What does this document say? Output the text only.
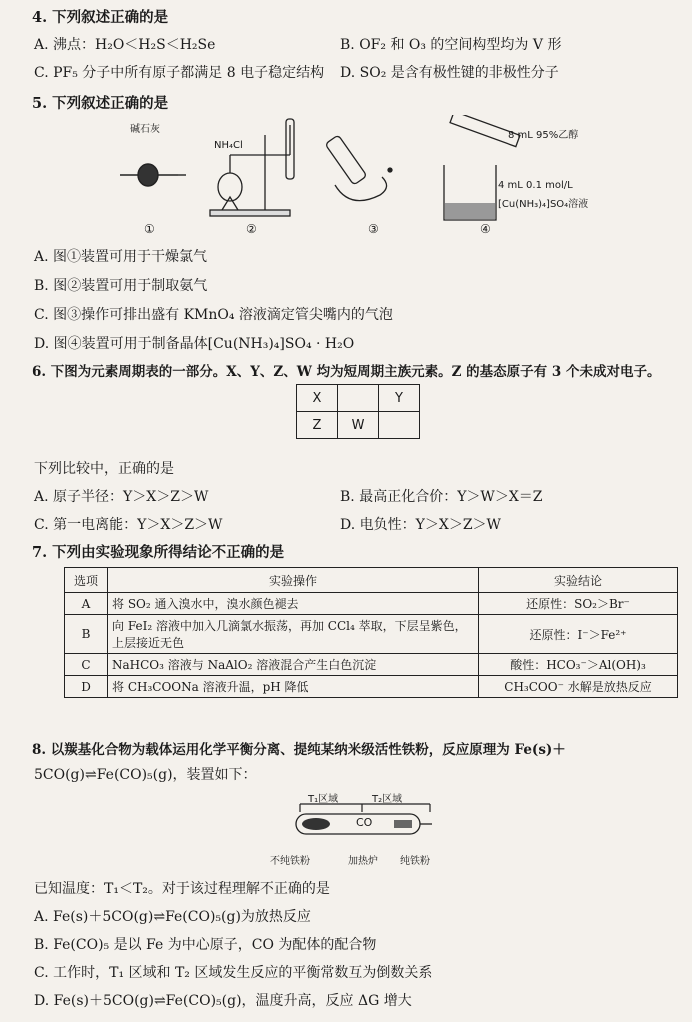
4. 下列叙述正确的是
A. 沸点：H₂O＜H₂S＜H₂Se	B. OF₂ 和 O₃ 的空间构型均为 V 形
C. PF₅ 分子中所有原子都满足 8 电子稳定结构 D. SO₂ 是含有极性键的非极性分子
5. 下列叙述正确的是
碱石灰
NH₄Cl
8 mL 95%乙醇
4 mL 0.1 mol/L
[Cu(NH₃)₄]SO₄溶液
①	②	③	④
A. 图①装置可用于干燥氯气
B. 图②装置可用于制取氨气
C. 图③操作可排出盛有 KMnO₄ 溶液滴定管尖嘴内的气泡
D. 图④装置可用于制备晶体[Cu(NH₃)₄]SO₄ · H₂O
6. 下图为元素周期表的一部分。X、Y、Z、W 均为短周期主族元素。Z 的基态原子有 3 个未成对电子。
X		Y
Z	W	
下列比较中，正确的是
A. 原子半径：Y＞X＞Z＞W	B. 最高正化合价：Y＞W＞X＝Z
C. 第一电离能：Y＞X＞Z＞W	D. 电负性：Y＞X＞Z＞W
7. 下列由实验现象所得结论不正确的是
选项	实验操作	实验结论
A	将 SO₂ 通入溴水中，溴水颜色褪去	还原性：SO₂＞Br⁻
B	向 FeI₂ 溶液中加入几滴氯水振荡，再加 CCl₄ 萃取，下层呈紫色，上层接近无色	还原性：I⁻＞Fe²⁺
C	NaHCO₃ 溶液与 NaAlO₂ 溶液混合产生白色沉淀	酸性：HCO₃⁻＞Al(OH)₃
D	将 CH₃COONa 溶液升温，pH 降低	CH₃COO⁻ 水解是放热反应
8. 以羰基化合物为载体运用化学平衡分离、提纯某纳米级活性铁粉，反应原理为 Fe(s)＋
5CO(g)⇌Fe(CO)₅(g)，装置如下：
T₁区域	T₂区域
CO
不纯铁粉	加热炉 纯铁粉
已知温度：T₁＜T₂。对于该过程理解不正确的是
A. Fe(s)＋5CO(g)⇌Fe(CO)₅(g)为放热反应
B. Fe(CO)₅ 是以 Fe 为中心原子，CO 为配体的配合物
C. 工作时，T₁ 区域和 T₂ 区域发生反应的平衡常数互为倒数关系
D. Fe(s)＋5CO(g)⇌Fe(CO)₅(g)，温度升高，反应 ΔG 增大
